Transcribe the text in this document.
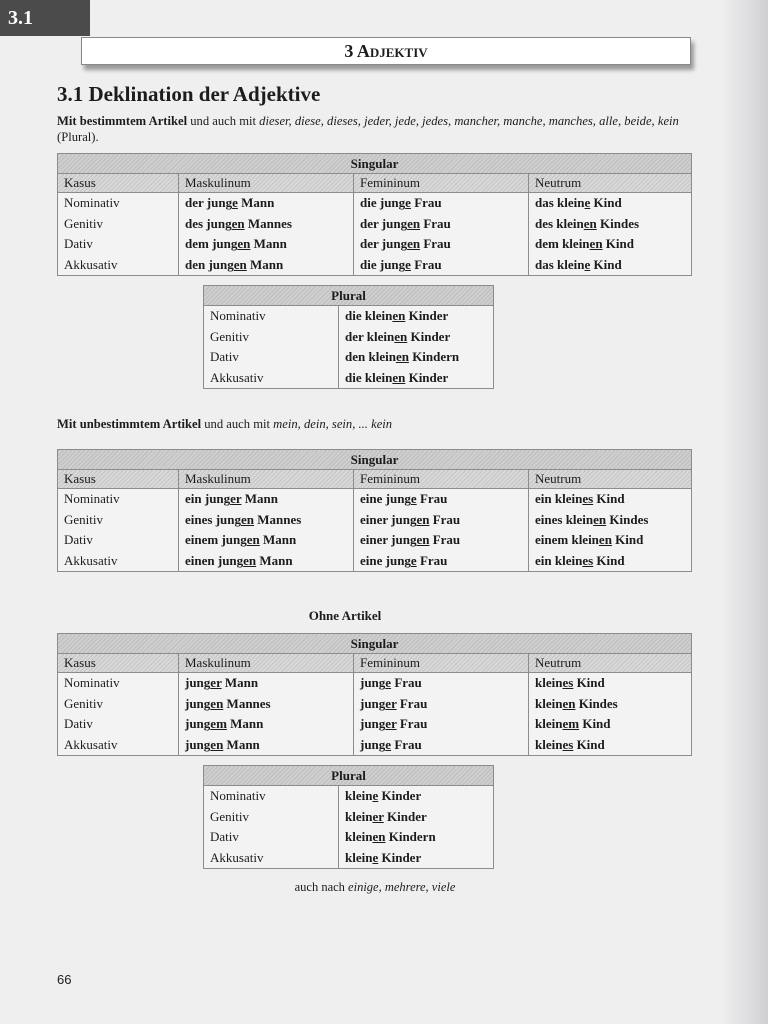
3.1
3 Adjektiv
3.1 Deklination der Adjektive

Mit bestimmtem Artikel und auch mit dieser, diese, dieses, jeder, jede, jedes, mancher, manche, manches, alle, beide, kein (Plural).

Singular			
Kasus	Maskulinum	Femininum	Neutrum
Nominativ	der junge Mann	die junge Frau	das kleine Kind
Genitiv	des jungen Mannes	der jungen Frau	des kleinen Kindes
Dativ	dem jungen Mann	der jungen Frau	dem kleinen Kind
Akkusativ	den jungen Mann	die junge Frau	das kleine Kind
Plural	
Nominativ	die kleinen Kinder
Genitiv	der kleinen Kinder
Dativ	den kleinen Kindern
Akkusativ	die kleinen Kinder

Mit unbestimmtem Artikel und auch mit mein, dein, sein, ... kein

Singular			
Kasus	Maskulinum	Femininum	Neutrum
Nominativ	ein junger Mann	eine junge Frau	ein kleines Kind
Genitiv	eines jungen Mannes	einer jungen Frau	eines kleinen Kindes
Dativ	einem jungen Mann	einer jungen Frau	einem kleinen Kind
Akkusativ	einen jungen Mann	eine junge Frau	ein kleines Kind
Ohne Artikel
Singular			
Kasus	Maskulinum	Femininum	Neutrum
Nominativ	junger Mann	junge Frau	kleines Kind
Genitiv	jungen Mannes	junger Frau	kleinen Kindes
Dativ	jungem Mann	junger Frau	kleinem Kind
Akkusativ	jungen Mann	junge Frau	kleines Kind
Plural	
Nominativ	kleine Kinder
Genitiv	kleiner Kinder
Dativ	kleinen Kindern
Akkusativ	kleine Kinder
auch nach einige, mehrere, viele
66
